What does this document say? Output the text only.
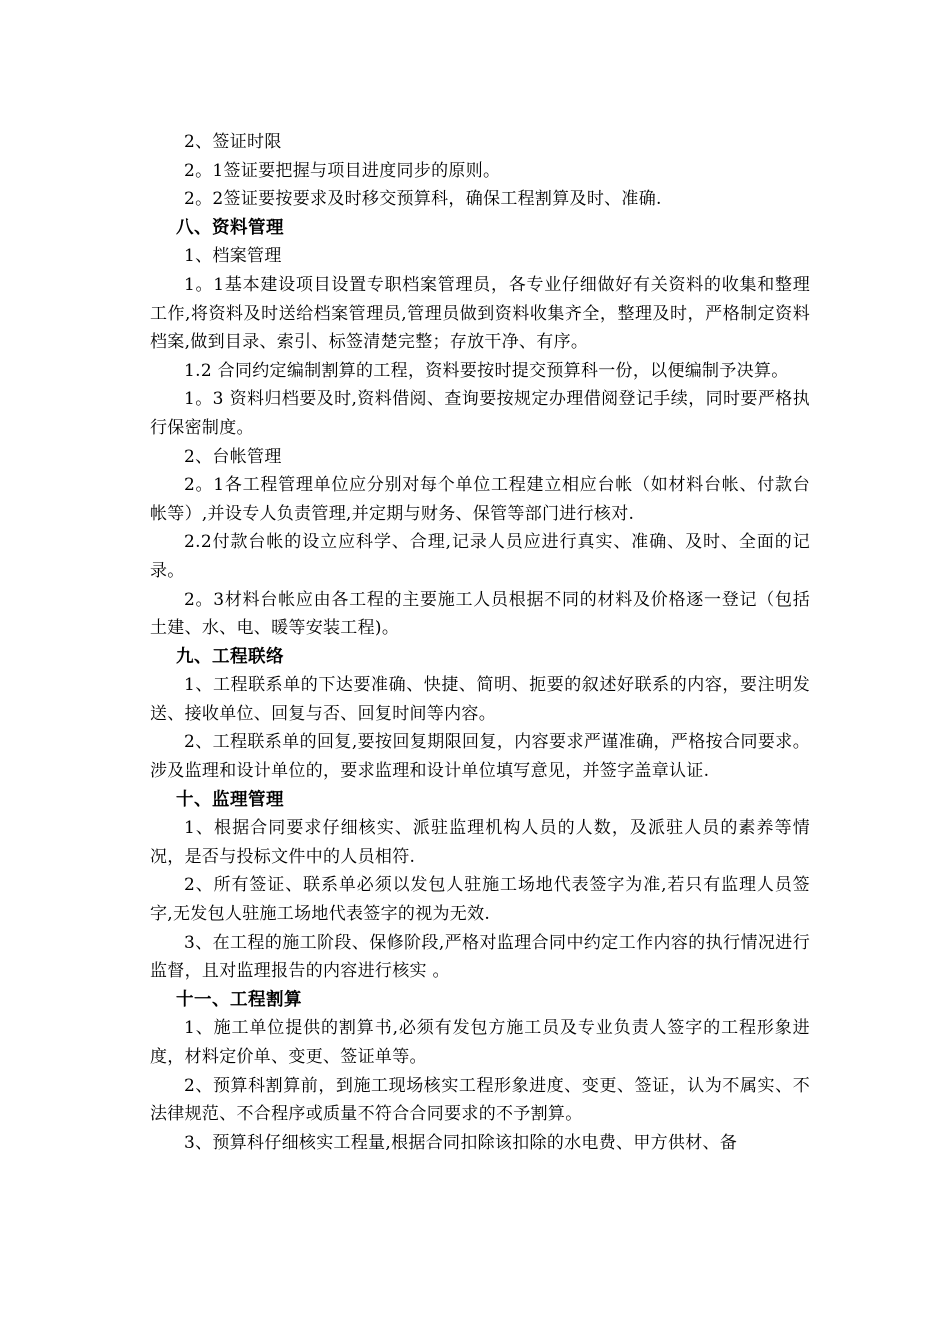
2、签证时限

2。1签证要把握与项目进度同步的原则。

2。2签证要按要求及时移交预算科，确保工程割算及时、准确.

八、资料管理

1、档案管理

1。1基本建设项目设置专职档案管理员，各专业仔细做好有关资料的收集和整理工作,将资料及时送给档案管理员,管理员做到资料收集齐全，整理及时，严格制定资料档案,做到目录、索引、标签清楚完整；存放干净、有序。

1.2 合同约定编制割算的工程，资料要按时提交预算科一份，以便编制予决算。

1。3 资料归档要及时,资料借阅、查询要按规定办理借阅登记手续，同时要严格执行保密制度。

2、台帐管理

2。1各工程管理单位应分别对每个单位工程建立相应台帐（如材料台帐、付款台帐等）,并设专人负责管理,并定期与财务、保管等部门进行核对.

2.2付款台帐的设立应科学、合理,记录人员应进行真实、准确、及时、全面的记录。

2。3材料台帐应由各工程的主要施工人员根据不同的材料及价格逐一登记（包括土建、水、电、暖等安装工程)。

九、工程联络

1、工程联系单的下达要准确、快捷、简明、扼要的叙述好联系的内容，要注明发送、接收单位、回复与否、回复时间等内容。

2、工程联系单的回复,要按回复期限回复，内容要求严谨准确，严格按合同要求。涉及监理和设计单位的，要求监理和设计单位填写意见，并签字盖章认证.

十、监理管理

1、根据合同要求仔细核实、派驻监理机构人员的人数，及派驻人员的素养等情况，是否与投标文件中的人员相符.

2、所有签证、联系单必须以发包人驻施工场地代表签字为准,若只有监理人员签字,无发包人驻施工场地代表签字的视为无效.

3、在工程的施工阶段、保修阶段,严格对监理合同中约定工作内容的执行情况进行监督，且对监理报告的内容进行核实 。

十一、工程割算

1、施工单位提供的割算书,必须有发包方施工员及专业负责人签字的工程形象进度，材料定价单、变更、签证单等。

2、预算科割算前，到施工现场核实工程形象进度、变更、签证，认为不属实、不法律规范、不合程序或质量不符合合同要求的不予割算。

3、预算科仔细核实工程量,根据合同扣除该扣除的水电费、甲方供材、备
